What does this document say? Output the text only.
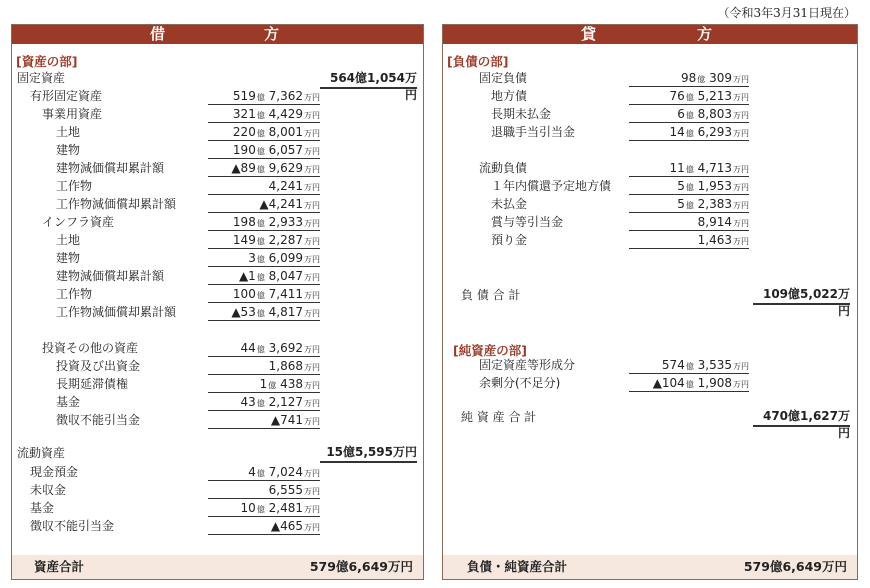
（令和3年3月31日現在）
借	方
[資産の部]
固定資産	564億1,054万円
有形固定資産	519億 7,362万円
事業用資産	321億 4,429万円
土地	220億 8,001万円
建物	190億 6,057万円
建物減価償却累計額	▲89億 9,629万円
工作物	4,241万円
工作物減価償却累計額	▲4,241万円
インフラ資産	198億 2,933万円
土地	149億 2,287万円
建物	3億 6,099万円
建物減価償却累計額	▲1億 8,047万円
工作物	100億 7,411万円
工作物減価償却累計額	▲53億 4,817万円
投資その他の資産	44億 3,692万円
投資及び出資金	1,868万円
長期延滞債権	1億 438万円
基金	43億 2,127万円
徴収不能引当金	▲741万円
流動資産	15億5,595万円
現金預金	4億 7,024万円
未収金	6,555万円
基金	10億 2,481万円
徴収不能引当金	▲465万円
資産合計	579億6,649万円
貸	方
[負債の部]
固定負債	98億 309万円
地方債	76億 5,213万円
長期未払金	6億 8,803万円
退職手当引当金	14億 6,293万円
流動負債	11億 4,713万円
１年内償還予定地方債	5億 1,953万円
未払金	5億 2,383万円
賞与等引当金	8,914万円
預り金	1,463万円
負 債 合 計	109億5,022万円
[純資産の部]
固定資産等形成分	574億 3,535万円
余剰分(不足分)	▲104億 1,908万円
純 資 産 合 計	470億1,627万円
負債・純資産合計	579億6,649万円
